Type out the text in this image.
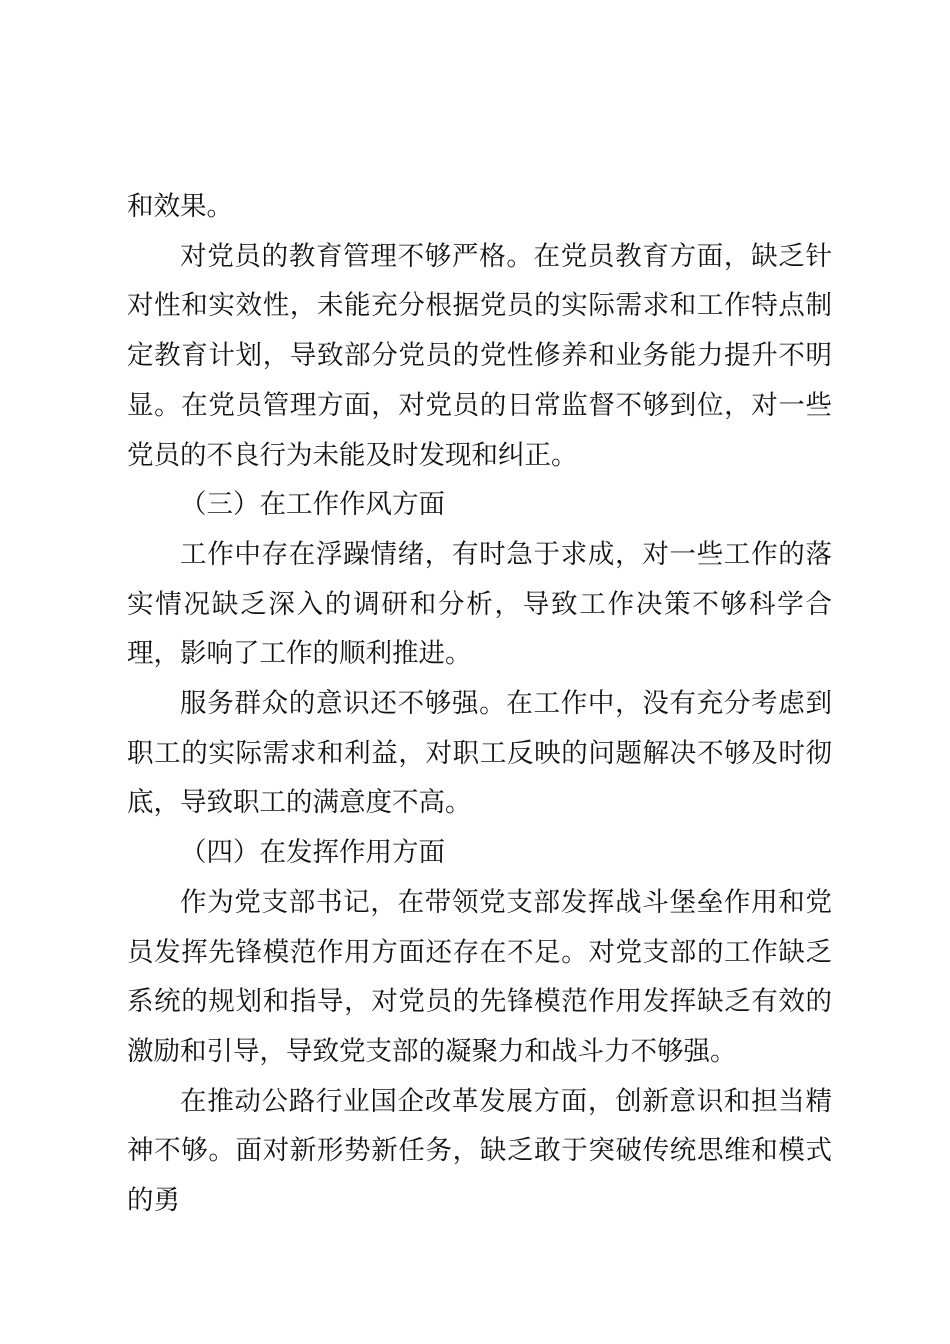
和效果。

对党员的教育管理不够严格。在党员教育方面，缺乏针对性和实效性，未能充分根据党员的实际需求和工作特点制定教育计划，导致部分党员的党性修养和业务能力提升不明显。在党员管理方面，对党员的日常监督不够到位，对一些党员的不良行为未能及时发现和纠正。

（三）在工作作风方面

工作中存在浮躁情绪，有时急于求成，对一些工作的落实情况缺乏深入的调研和分析，导致工作决策不够科学合理，影响了工作的顺利推进。

服务群众的意识还不够强。在工作中，没有充分考虑到职工的实际需求和利益，对职工反映的问题解决不够及时彻底，导致职工的满意度不高。

（四）在发挥作用方面

作为党支部书记，在带领党支部发挥战斗堡垒作用和党员发挥先锋模范作用方面还存在不足。对党支部的工作缺乏系统的规划和指导，对党员的先锋模范作用发挥缺乏有效的激励和引导，导致党支部的凝聚力和战斗力不够强。

在推动公路行业国企改革发展方面，创新意识和担当精神不够。面对新形势新任务，缺乏敢于突破传统思维和模式的勇
